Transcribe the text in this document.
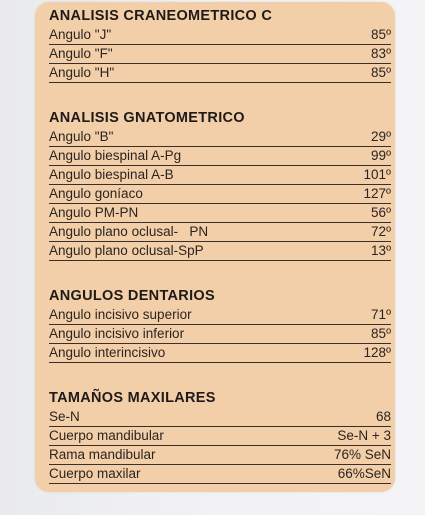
ANALISIS CRANEOMETRICO C
Angulo "J"	85º
Angulo "F"	83º
Angulo "H"	85º
ANALISIS GNATOMETRICO
Angulo "B"	29º
Angulo biespinal A-Pg	99º
Angulo biespinal A-B	101º
Angulo goníaco	127º
Angulo PM-PN	56º
Angulo plano oclusal-   PN	72º
Angulo plano oclusal-SpP	13º
ANGULOS DENTARIOS
Angulo incisivo superior	71º
Angulo incisivo inferior	85º
Angulo interincisivo	128º
TAMAÑOS MAXILARES
Se-N	68
Cuerpo mandibular	Se-N + 3
Rama mandibular	76% SeN
Cuerpo maxilar	66%SeN
